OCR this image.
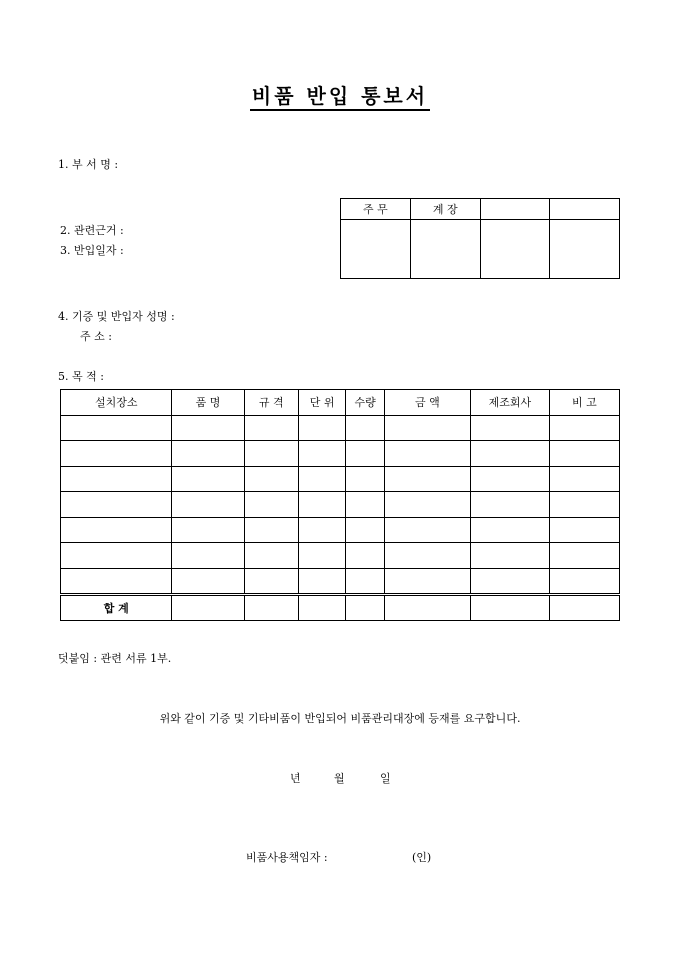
비품 반입 통보서
1. 부 서 명 :
2. 관련근거 :
3. 반입일자 :
주 무	계 장		

4. 기증 및 반입자 성명 :
주 소 :
5. 목 적 :
설치장소	품 명	규 격	단 위	수량	금 액	제조회사	비 고

합 계							
덧붙임 : 관련 서류 1부.
위와 같이 기증 및 기타비품이 반입되어 비품관리대장에 등재를 요구합니다.
년	월	일
비품사용책임자 :	(인)
